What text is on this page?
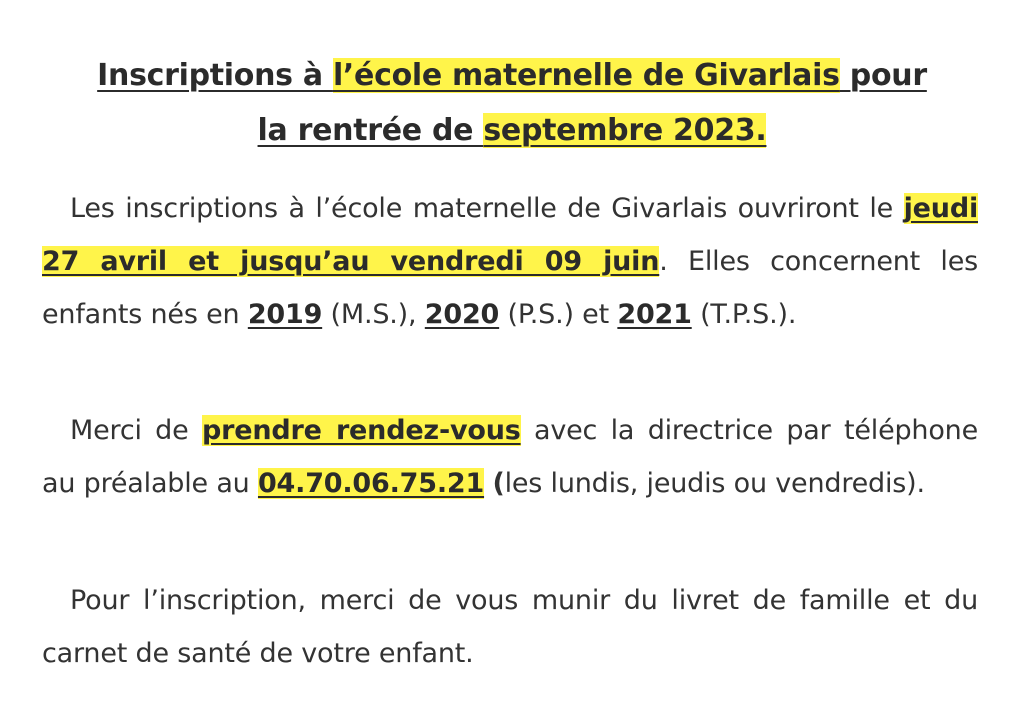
Inscriptions à l’école maternelle de Givarlais pour
la rentrée de septembre 2023.
Les inscriptions à l’école maternelle de Givarlais ouvriront le jeudi 27 avril et jusqu’au vendredi 09 juin. Elles concernent les enfants nés en 2019 (M.S.), 2020 (P.S.) et 2021 (T.P.S.).
Merci de prendre rendez-vous avec la directrice par téléphone au préalable au 04.70.06.75.21 (les lundis, jeudis ou vendredis).
Pour l’inscription, merci de vous munir du livret de famille et du carnet de santé de votre enfant.
